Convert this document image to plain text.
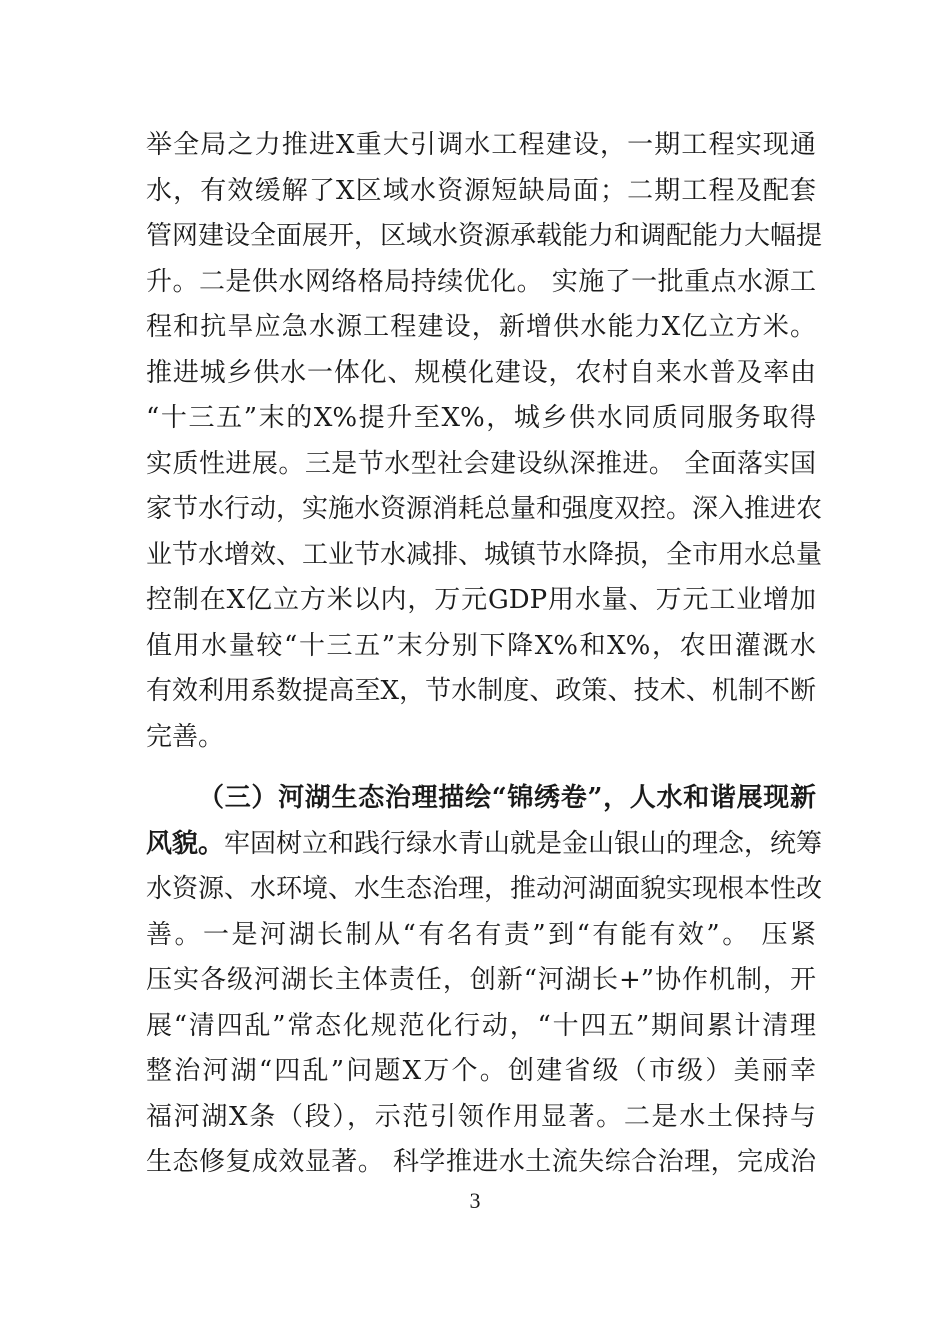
举全局之力推进X重大引调水工程建设，一期工程实现通
水，有效缓解了X区域水资源短缺局面；二期工程及配套
管网建设全面展开，区域水资源承载能力和调配能力大幅提
升。二是供水网络格局持续优化。 实施了一批重点水源工
程和抗旱应急水源工程建设，新增供水能力X亿立方米。
推进城乡供水一体化、规模化建设，农村自来水普及率由
“十三五”末的X%提升至X%，城乡供水同质同服务取得
实质性进展。三是节水型社会建设纵深推进。 全面落实国
家节水行动，实施水资源消耗总量和强度双控。深入推进农
业节水增效、工业节水减排、城镇节水降损，全市用水总量
控制在X亿立方米以内，万元GDP用水量、万元工业增加
值用水量较“十三五”末分别下降X%和X%，农田灌溉水
有效利用系数提高至X，节水制度、政策、技术、机制不断
完善。
（三）河湖生态治理描绘“锦绣卷”，人水和谐展现新
风貌。牢固树立和践行绿水青山就是金山银山的理念，统筹
水资源、水环境、水生态治理，推动河湖面貌实现根本性改
善。一是河湖长制从“有名有责”到“有能有效”。 压紧
压实各级河湖长主体责任，创新“河湖长+”协作机制，开
展“清四乱”常态化规范化行动，“十四五”期间累计清理
整治河湖“四乱”问题X万个。创建省级（市级）美丽幸
福河湖X条（段），示范引领作用显著。二是水土保持与
生态修复成效显著。 科学推进水土流失综合治理，完成治
3
